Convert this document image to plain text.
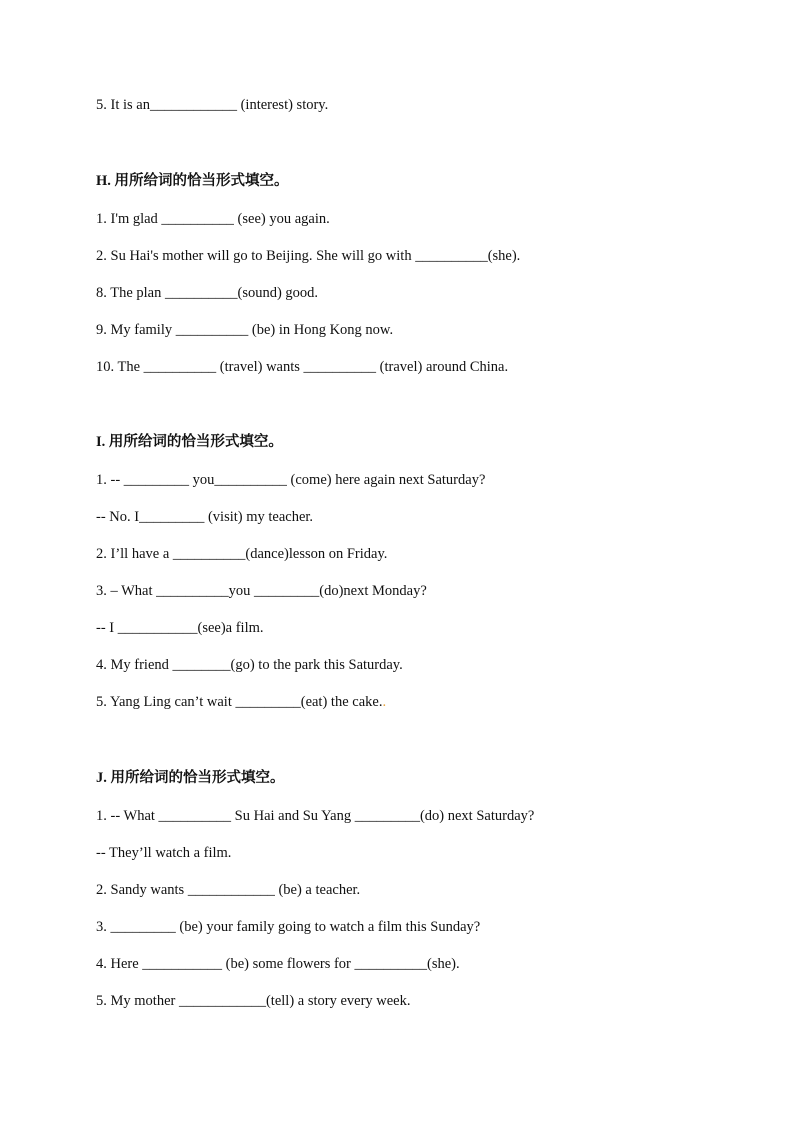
5. It is an____________ (interest) story.
H. 用所给词的恰当形式填空。
1. I'm glad __________ (see) you again.
2. Su Hai's mother will go to Beijing. She will go with __________(she).
8. The plan __________(sound) good.
9. My family __________ (be) in Hong Kong now.
10. The __________ (travel) wants __________ (travel) around China.
I. 用所给词的恰当形式填空。
1. -- _________ you__________ (come) here again next Saturday?
-- No. I_________ (visit) my teacher.
2. I’ll have a __________(dance)lesson on Friday.
3. – What __________you _________(do)next Monday?
-- I ___________(see)a film.
4. My friend ________(go) to the park this Saturday.
5. Yang Ling can’t wait _________(eat) the cake..
J. 用所给词的恰当形式填空。
1. -- What __________ Su Hai and Su Yang _________(do) next Saturday?
-- They’ll watch a film.
2. Sandy wants ____________ (be) a teacher.
3. _________ (be) your family going to watch a film this Sunday?
4. Here ___________ (be) some flowers for __________(she).
5. My mother ____________(tell) a story every week.
